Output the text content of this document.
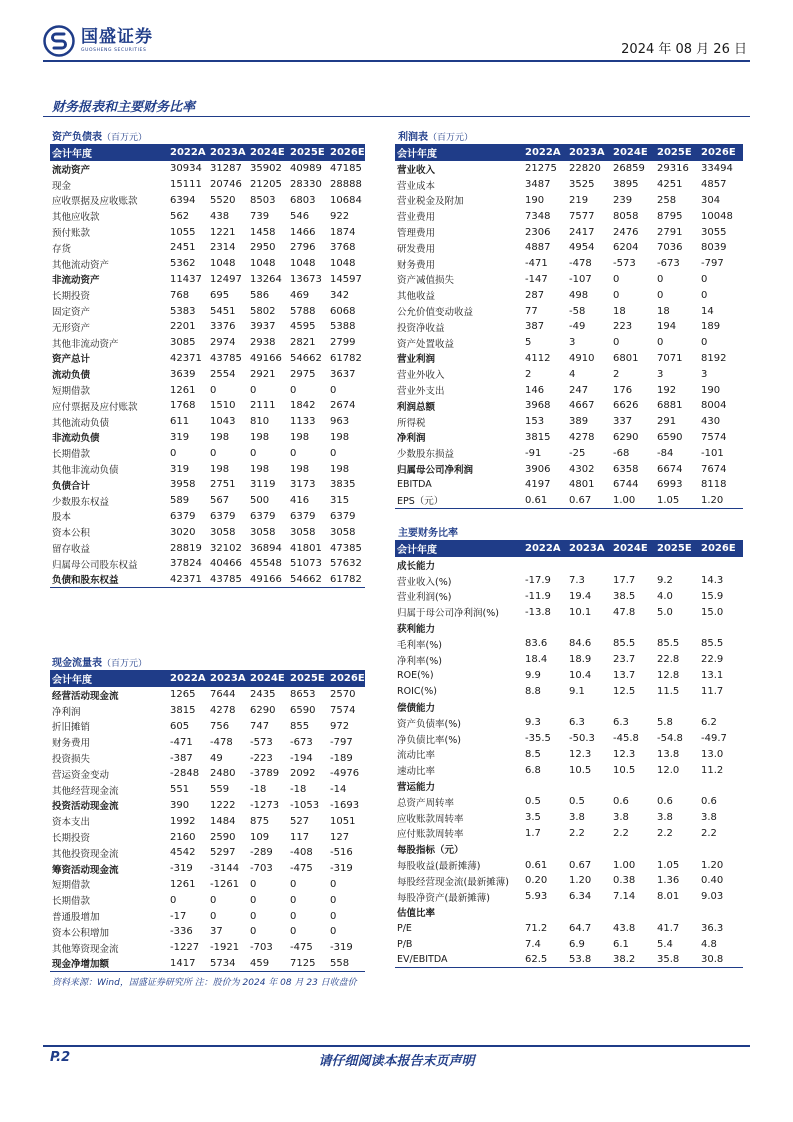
国盛证券
GUOSHENG SECURITIES	2024 年 08 月 26 日
财务报表和主要财务比率
资产负债表（百万元）
会计年度	2022A	2023A	2024E	2025E	2026E
流动资产	30934	31287	35902	40989	47185
现金	15111	20746	21205	28330	28888
应收票据及应收账款	6394	5520	8503	6803	10684
其他应收款	562	438	739	546	922
预付账款	1055	1221	1458	1466	1874
存货	2451	2314	2950	2796	3768
其他流动资产	5362	1048	1048	1048	1048
非流动资产	11437	12497	13264	13673	14597
长期投资	768	695	586	469	342
固定资产	5383	5451	5802	5788	6068
无形资产	2201	3376	3937	4595	5388
其他非流动资产	3085	2974	2938	2821	2799
资产总计	42371	43785	49166	54662	61782
流动负债	3639	2554	2921	2975	3637
短期借款	1261	0	0	0	0
应付票据及应付账款	1768	1510	2111	1842	2674
其他流动负债	611	1043	810	1133	963
非流动负债	319	198	198	198	198
长期借款	0	0	0	0	0
其他非流动负债	319	198	198	198	198
负债合计	3958	2751	3119	3173	3835
少数股东权益	589	567	500	416	315
股本	6379	6379	6379	6379	6379
资本公积	3020	3058	3058	3058	3058
留存收益	28819	32102	36894	41801	47385
归属母公司股东权益	37824	40466	45548	51073	57632
负债和股东权益	42371	43785	49166	54662	61782
利润表（百万元）
会计年度	2022A	2023A	2024E	2025E	2026E
营业收入	21275	22820	26859	29316	33494
营业成本	3487	3525	3895	4251	4857
营业税金及附加	190	219	239	258	304
营业费用	7348	7577	8058	8795	10048
管理费用	2306	2417	2476	2791	3055
研发费用	4887	4954	6204	7036	8039
财务费用	-471	-478	-573	-673	-797
资产减值损失	-147	-107	0	0	0
其他收益	287	498	0	0	0
公允价值变动收益	77	-58	18	18	14
投资净收益	387	-49	223	194	189
资产处置收益	5	3	0	0	0
营业利润	4112	4910	6801	7071	8192
营业外收入	2	4	2	3	3
营业外支出	146	247	176	192	190
利润总额	3968	4667	6626	6881	8004
所得税	153	389	337	291	430
净利润	3815	4278	6290	6590	7574
少数股东损益	-91	-25	-68	-84	-101
归属母公司净利润	3906	4302	6358	6674	7674
EBITDA	4197	4801	6744	6993	8118
EPS（元）	0.61	0.67	1.00	1.05	1.20
主要财务比率
会计年度	2022A	2023A	2024E	2025E	2026E
成长能力					
营业收入(%)	-17.9	7.3	17.7	9.2	14.3
营业利润(%)	-11.9	19.4	38.5	4.0	15.9
归属于母公司净利润(%)	-13.8	10.1	47.8	5.0	15.0
获利能力					
毛利率(%)	83.6	84.6	85.5	85.5	85.5
净利率(%)	18.4	18.9	23.7	22.8	22.9
ROE(%)	9.9	10.4	13.7	12.8	13.1
ROIC(%)	8.8	9.1	12.5	11.5	11.7
偿债能力					
资产负债率(%)	9.3	6.3	6.3	5.8	6.2
净负债比率(%)	-35.5	-50.3	-45.8	-54.8	-49.7
流动比率	8.5	12.3	12.3	13.8	13.0
速动比率	6.8	10.5	10.5	12.0	11.2
营运能力					
总资产周转率	0.5	0.5	0.6	0.6	0.6
应收账款周转率	3.5	3.8	3.8	3.8	3.8
应付账款周转率	1.7	2.2	2.2	2.2	2.2
每股指标（元）					
每股收益(最新摊薄)	0.61	0.67	1.00	1.05	1.20
每股经营现金流(最新摊薄)	0.20	1.20	0.38	1.36	0.40
每股净资产(最新摊薄)	5.93	6.34	7.14	8.01	9.03
估值比率					
P/E	71.2	64.7	43.8	41.7	36.3
P/B	7.4	6.9	6.1	5.4	4.8
EV/EBITDA	62.5	53.8	38.2	35.8	30.8
现金流量表（百万元）
会计年度	2022A	2023A	2024E	2025E	2026E
经营活动现金流	1265	7644	2435	8653	2570
净利润	3815	4278	6290	6590	7574
折旧摊销	605	756	747	855	972
财务费用	-471	-478	-573	-673	-797
投资损失	-387	49	-223	-194	-189
营运资金变动	-2848	2480	-3789	2092	-4976
其他经营现金流	551	559	-18	-18	-14
投资活动现金流	390	1222	-1273	-1053	-1693
资本支出	1992	1484	875	527	1051
长期投资	2160	2590	109	117	127
其他投资现金流	4542	5297	-289	-408	-516
筹资活动现金流	-319	-3144	-703	-475	-319
短期借款	1261	-1261	0	0	0
长期借款	0	0	0	0	0
普通股增加	-17	0	0	0	0
资本公积增加	-336	37	0	0	0
其他筹资现金流	-1227	-1921	-703	-475	-319
现金净增加额	1417	5734	459	7125	558
资料来源：Wind，国盛证券研究所 注：股价为 2024 年 08 月 23 日收盘价
请仔细阅读本报告末页声明
P.2
